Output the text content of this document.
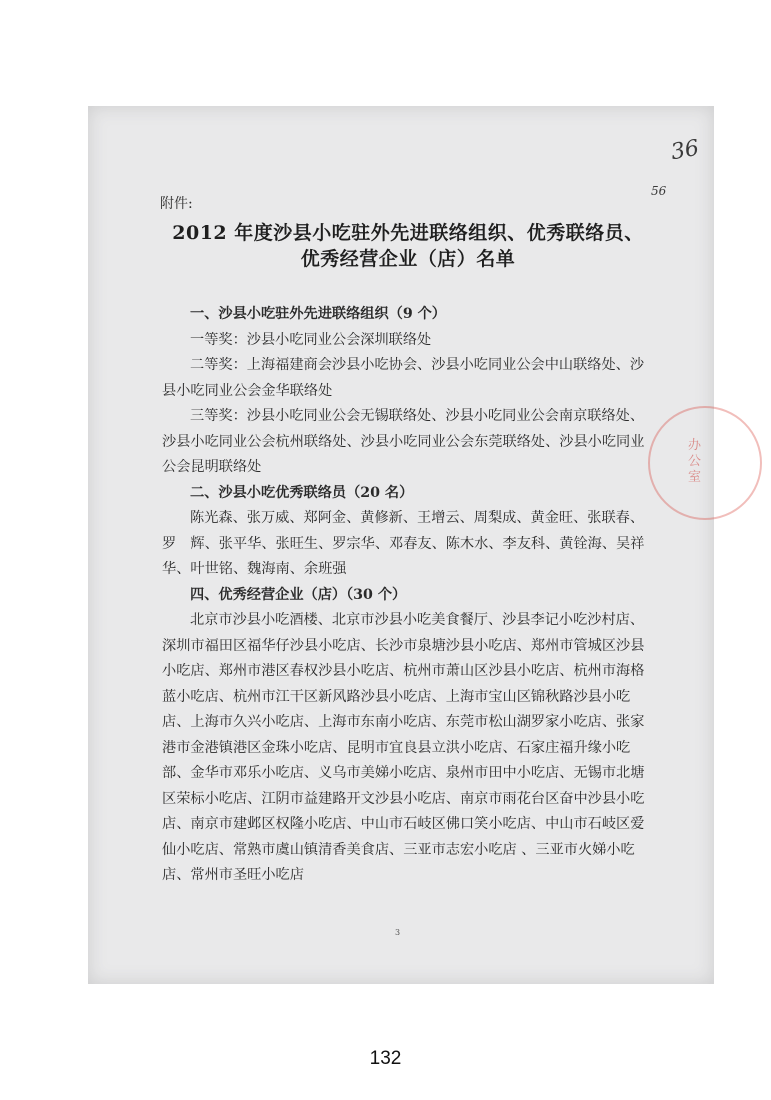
36
56
附件:
2012 年度沙县小吃驻外先进联络组织、优秀联络员、
优秀经营企业（店）名单
办公室

一、沙县小吃驻外先进联络组织（9 个）

一等奖：沙县小吃同业公会深圳联络处

二等奖：上海福建商会沙县小吃协会、沙县小吃同业公会中山联络处、沙县小吃同业公会金华联络处

三等奖：沙县小吃同业公会无锡联络处、沙县小吃同业公会南京联络处、沙县小吃同业公会杭州联络处、沙县小吃同业公会东莞联络处、沙县小吃同业公会昆明联络处

二、沙县小吃优秀联络员（20 名）

陈光森、张万威、郑阿金、黄修新、王增云、周梨成、黄金旺、张联春、罗　辉、张平华、张旺生、罗宗华、邓春友、陈木水、李友科、黄铨海、吴祥华、叶世铭、魏海南、余班强

四、优秀经营企业（店）（30 个）

北京市沙县小吃酒楼、北京市沙县小吃美食餐厅、沙县李记小吃沙村店、深圳市福田区福华仔沙县小吃店、长沙市泉塘沙县小吃店、郑州市管城区沙县小吃店、郑州市港区春权沙县小吃店、杭州市萧山区沙县小吃店、杭州市海格蓝小吃店、杭州市江干区新风路沙县小吃店、上海市宝山区锦秋路沙县小吃店、上海市久兴小吃店、上海市东南小吃店、东莞市松山湖罗家小吃店、张家港市金港镇港区金珠小吃店、昆明市宜良县立洪小吃店、石家庄福升缘小吃部、金华市邓乐小吃店、义乌市美娣小吃店、泉州市田中小吃店、无锡市北塘区荣标小吃店、江阴市益建路开文沙县小吃店、南京市雨花台区奋中沙县小吃店、南京市建邺区权隆小吃店、中山市石岐区佛口笑小吃店、中山市石岐区爱仙小吃店、常熟市虞山镇清香美食店、三亚市志宏小吃店 、三亚市火娣小吃店、常州市圣旺小吃店

3
132
